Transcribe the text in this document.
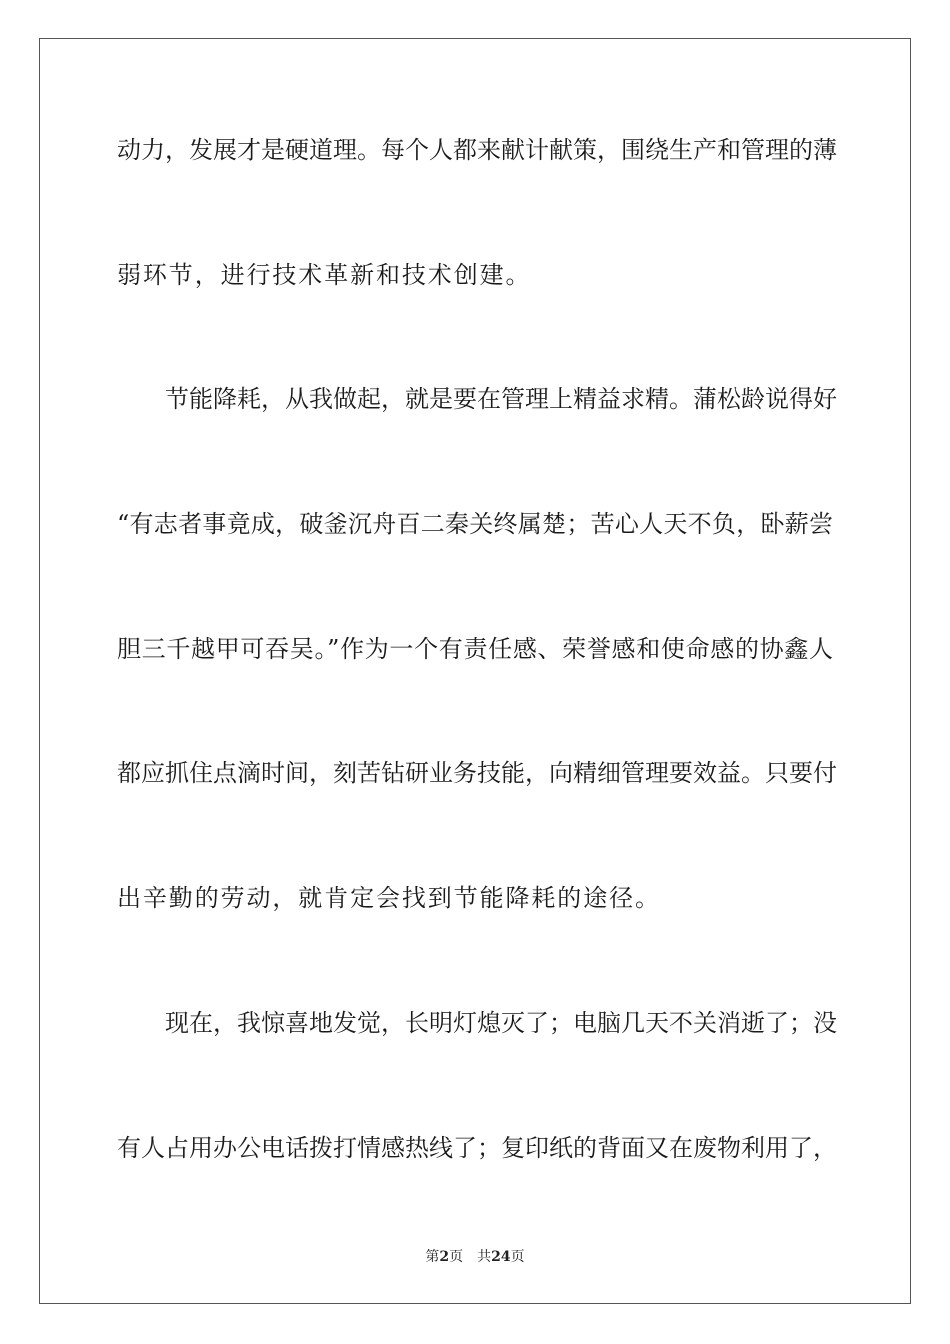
动力，发展才是硬道理。每个人都来献计献策，围绕生产和管理的薄
弱环节，进行技术革新和技术创建。
节能降耗，从我做起，就是要在管理上精益求精。蒲松龄说得好
“有志者事竟成，破釜沉舟百二秦关终属楚；苦心人天不负，卧薪尝
胆三千越甲可吞吴。”作为一个有责任感、荣誉感和使命感的协鑫人
都应抓住点滴时间，刻苦钻研业务技能，向精细管理要效益。只要付
出辛勤的劳动，就肯定会找到节能降耗的途径。
现在，我惊喜地发觉，长明灯熄灭了；电脑几天不关消逝了；没
有人占用办公电话拨打情感热线了；复印纸的背面又在废物利用了，
第2页 共24页
